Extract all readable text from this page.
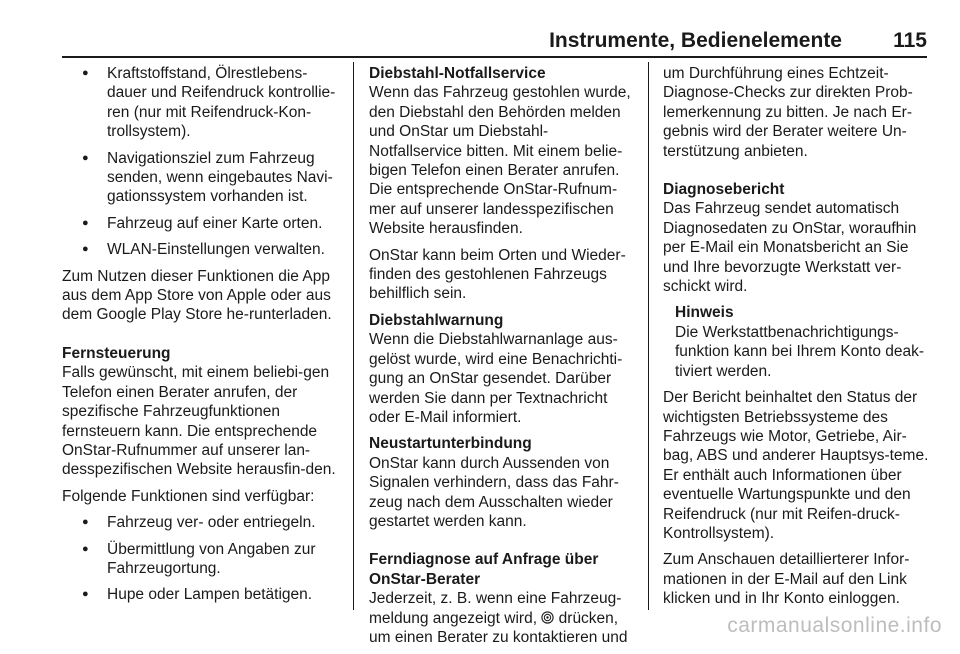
Instrumente, Bedienelemente 115
● Kraftstoffstand, Ölrestlebens-dauer und Reifendruck kontrollie-ren (nur mit Reifendruck-Kon-trollsystem).
● Navigationsziel zum Fahrzeug senden, wenn eingebautes Navi-gationssystem vorhanden ist.
● Fahrzeug auf einer Karte orten.
● WLAN-Einstellungen verwalten.

Zum Nutzen dieser Funktionen die App aus dem App Store von Apple oder aus dem Google Play Store he-runterladen.

Fernsteuerung

Falls gewünscht, mit einem beliebi-gen Telefon einen Berater anrufen, der spezifische Fahrzeugfunktionen fernsteuern kann. Die entsprechende OnStar-Rufnummer auf unserer lan-desspezifischen Website herausfin-den.

Folgende Funktionen sind verfügbar:

● Fahrzeug ver- oder entriegeln.
● Übermittlung von Angaben zur Fahrzeugortung.
● Hupe oder Lampen betätigen.
Diebstahl-Notfallservice

Wenn das Fahrzeug gestohlen wurde, den Diebstahl den Behörden melden und OnStar um Diebstahl-Notfallservice bitten. Mit einem belie-bigen Telefon einen Berater anrufen. Die entsprechende OnStar-Rufnum-mer auf unserer landesspezifischen Website herausfinden.

OnStar kann beim Orten und Wieder-finden des gestohlenen Fahrzeugs behilflich sein.

Diebstahlwarnung

Wenn die Diebstahlwarnanlage aus-gelöst wurde, wird eine Benachrichti-gung an OnStar gesendet. Darüber werden Sie dann per Textnachricht oder E-Mail informiert.

Neustartunterbindung

OnStar kann durch Aussenden von Signalen verhindern, dass das Fahr-zeug nach dem Ausschalten wieder gestartet werden kann.

Ferndiagnose auf Anfrage über OnStar-Berater

Jederzeit, z. B. wenn eine Fahrzeug-meldung angezeigt wird, drücken, um einen Berater zu kontaktieren und

um Durchführung eines Echtzeit-Diagnose-Checks zur direkten Prob-lemerkennung zu bitten. Je nach Er-gebnis wird der Berater weitere Un-terstützung anbieten.

Diagnosebericht

Das Fahrzeug sendet automatisch Diagnosedaten zu OnStar, woraufhin per E-Mail ein Monatsbericht an Sie und Ihre bevorzugte Werkstatt ver-schickt wird.

Hinweis
Die Werkstattbenachrichtigungs-funktion kann bei Ihrem Konto deak-tiviert werden.

Der Bericht beinhaltet den Status der wichtigsten Betriebssysteme des Fahrzeugs wie Motor, Getriebe, Air-bag, ABS und anderer Hauptsys-teme. Er enthält auch Informationen über eventuelle Wartungspunkte und den Reifendruck (nur mit Reifen-druck-Kontrollsystem).

Zum Anschauen detaillierterer Infor-mationen in der E-Mail auf den Link klicken und in Ihr Konto einloggen.

carmanualsonline.info
